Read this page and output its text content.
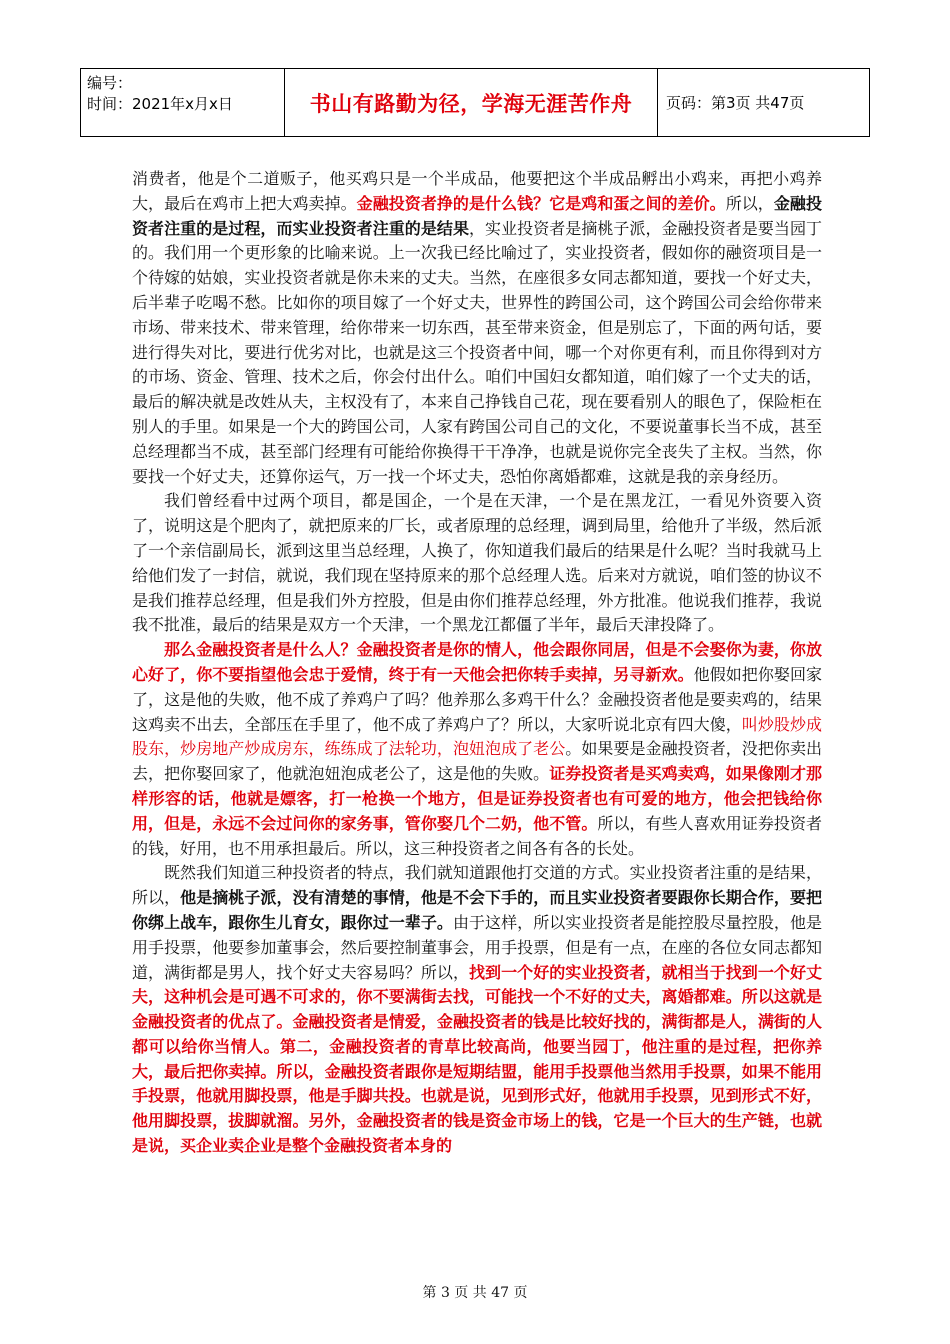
编号：
时间：2021年x月x日	书山有路勤为径，学海无涯苦作舟	页码：第3页 共47页

消费者，他是个二道贩子，他买鸡只是一个半成品，他要把这个半成品孵出小鸡来，再把小鸡养大，最后在鸡市上把大鸡卖掉。金融投资者挣的是什么钱？它是鸡和蛋之间的差价。所以，金融投资者注重的是过程，而实业投资者注重的是结果，实业投资者是摘桃子派，金融投资者是要当园丁的。我们用一个更形象的比喻来说。上一次我已经比喻过了，实业投资者，假如你的融资项目是一个待嫁的姑娘，实业投资者就是你未来的丈夫。当然，在座很多女同志都知道，要找一个好丈夫，后半辈子吃喝不愁。比如你的项目嫁了一个好丈夫，世界性的跨国公司，这个跨国公司会给你带来市场、带来技术、带来管理，给你带来一切东西，甚至带来资金，但是别忘了，下面的两句话，要进行得失对比，要进行优劣对比，也就是这三个投资者中间，哪一个对你更有利，而且你得到对方的市场、资金、管理、技术之后，你会付出什么。咱们中国妇女都知道，咱们嫁了一个丈夫的话，最后的解决就是改姓从夫，主权没有了，本来自己挣钱自己花，现在要看别人的眼色了，保险柜在别人的手里。如果是一个大的跨国公司，人家有跨国公司自己的文化，不要说董事长当不成，甚至总经理都当不成，甚至部门经理有可能给你换得干干净净，也就是说你完全丧失了主权。当然，你要找一个好丈夫，还算你运气，万一找一个坏丈夫，恐怕你离婚都难，这就是我的亲身经历。

我们曾经看中过两个项目，都是国企，一个是在天津，一个是在黑龙江，一看见外资要入资了，说明这是个肥肉了，就把原来的厂长，或者原理的总经理，调到局里，给他升了半级，然后派了一个亲信副局长，派到这里当总经理，人换了，你知道我们最后的结果是什么呢？当时我就马上给他们发了一封信，就说，我们现在坚持原来的那个总经理人选。后来对方就说，咱们签的协议不是我们推荐总经理，但是我们外方控股，但是由你们推荐总经理，外方批准。他说我们推荐，我说我不批准，最后的结果是双方一个天津，一个黑龙江都僵了半年，最后天津投降了。

那么金融投资者是什么人？金融投资者是你的情人，他会跟你同居，但是不会娶你为妻，你放心好了，你不要指望他会忠于爱情，终于有一天他会把你转手卖掉，另寻新欢。他假如把你娶回家了，这是他的失败，他不成了养鸡户了吗？他养那么多鸡干什么？金融投资者他是要卖鸡的，结果这鸡卖不出去，全部压在手里了，他不成了养鸡户了？所以，大家听说北京有四大傻，叫炒股炒成股东，炒房地产炒成房东，练练成了法轮功，泡妞泡成了老公。如果要是金融投资者，没把你卖出去，把你娶回家了，他就泡妞泡成老公了，这是他的失败。证券投资者是买鸡卖鸡，如果像刚才那样形容的话，他就是嫖客，打一枪换一个地方，但是证券投资者也有可爱的地方，他会把钱给你用，但是，永远不会过问你的家务事，管你娶几个二奶，他不管。所以，有些人喜欢用证券投资者的钱，好用，也不用承担最后。所以，这三种投资者之间各有各的长处。

既然我们知道三种投资者的特点，我们就知道跟他打交道的方式。实业投资者注重的是结果，所以，他是摘桃子派，没有清楚的事情，他是不会下手的，而且实业投资者要跟你长期合作，要把你绑上战车，跟你生儿育女，跟你过一辈子。由于这样，所以实业投资者是能控股尽量控股，他是用手投票，他要参加董事会，然后要控制董事会，用手投票，但是有一点，在座的各位女同志都知道，满街都是男人，找个好丈夫容易吗？所以，找到一个好的实业投资者，就相当于找到一个好丈夫，这种机会是可遇不可求的，你不要满街去找，可能找一个不好的丈夫，离婚都难。所以这就是金融投资者的优点了。金融投资者是情爱，金融投资者的钱是比较好找的，满街都是人，满街的人都可以给你当情人。第二，金融投资者的青草比较高尚，他要当园丁，他注重的是过程，把你养大，最后把你卖掉。所以，金融投资者跟你是短期结盟，能用手投票他当然用手投票，如果不能用手投票，他就用脚投票，他是手脚共投。也就是说，见到形式好，他就用手投票，见到形式不好，他用脚投票，拔脚就溜。另外，金融投资者的钱是资金市场上的钱，它是一个巨大的生产链，也就是说，买企业卖企业是整个金融投资者本身的

第 3 页 共 47 页
